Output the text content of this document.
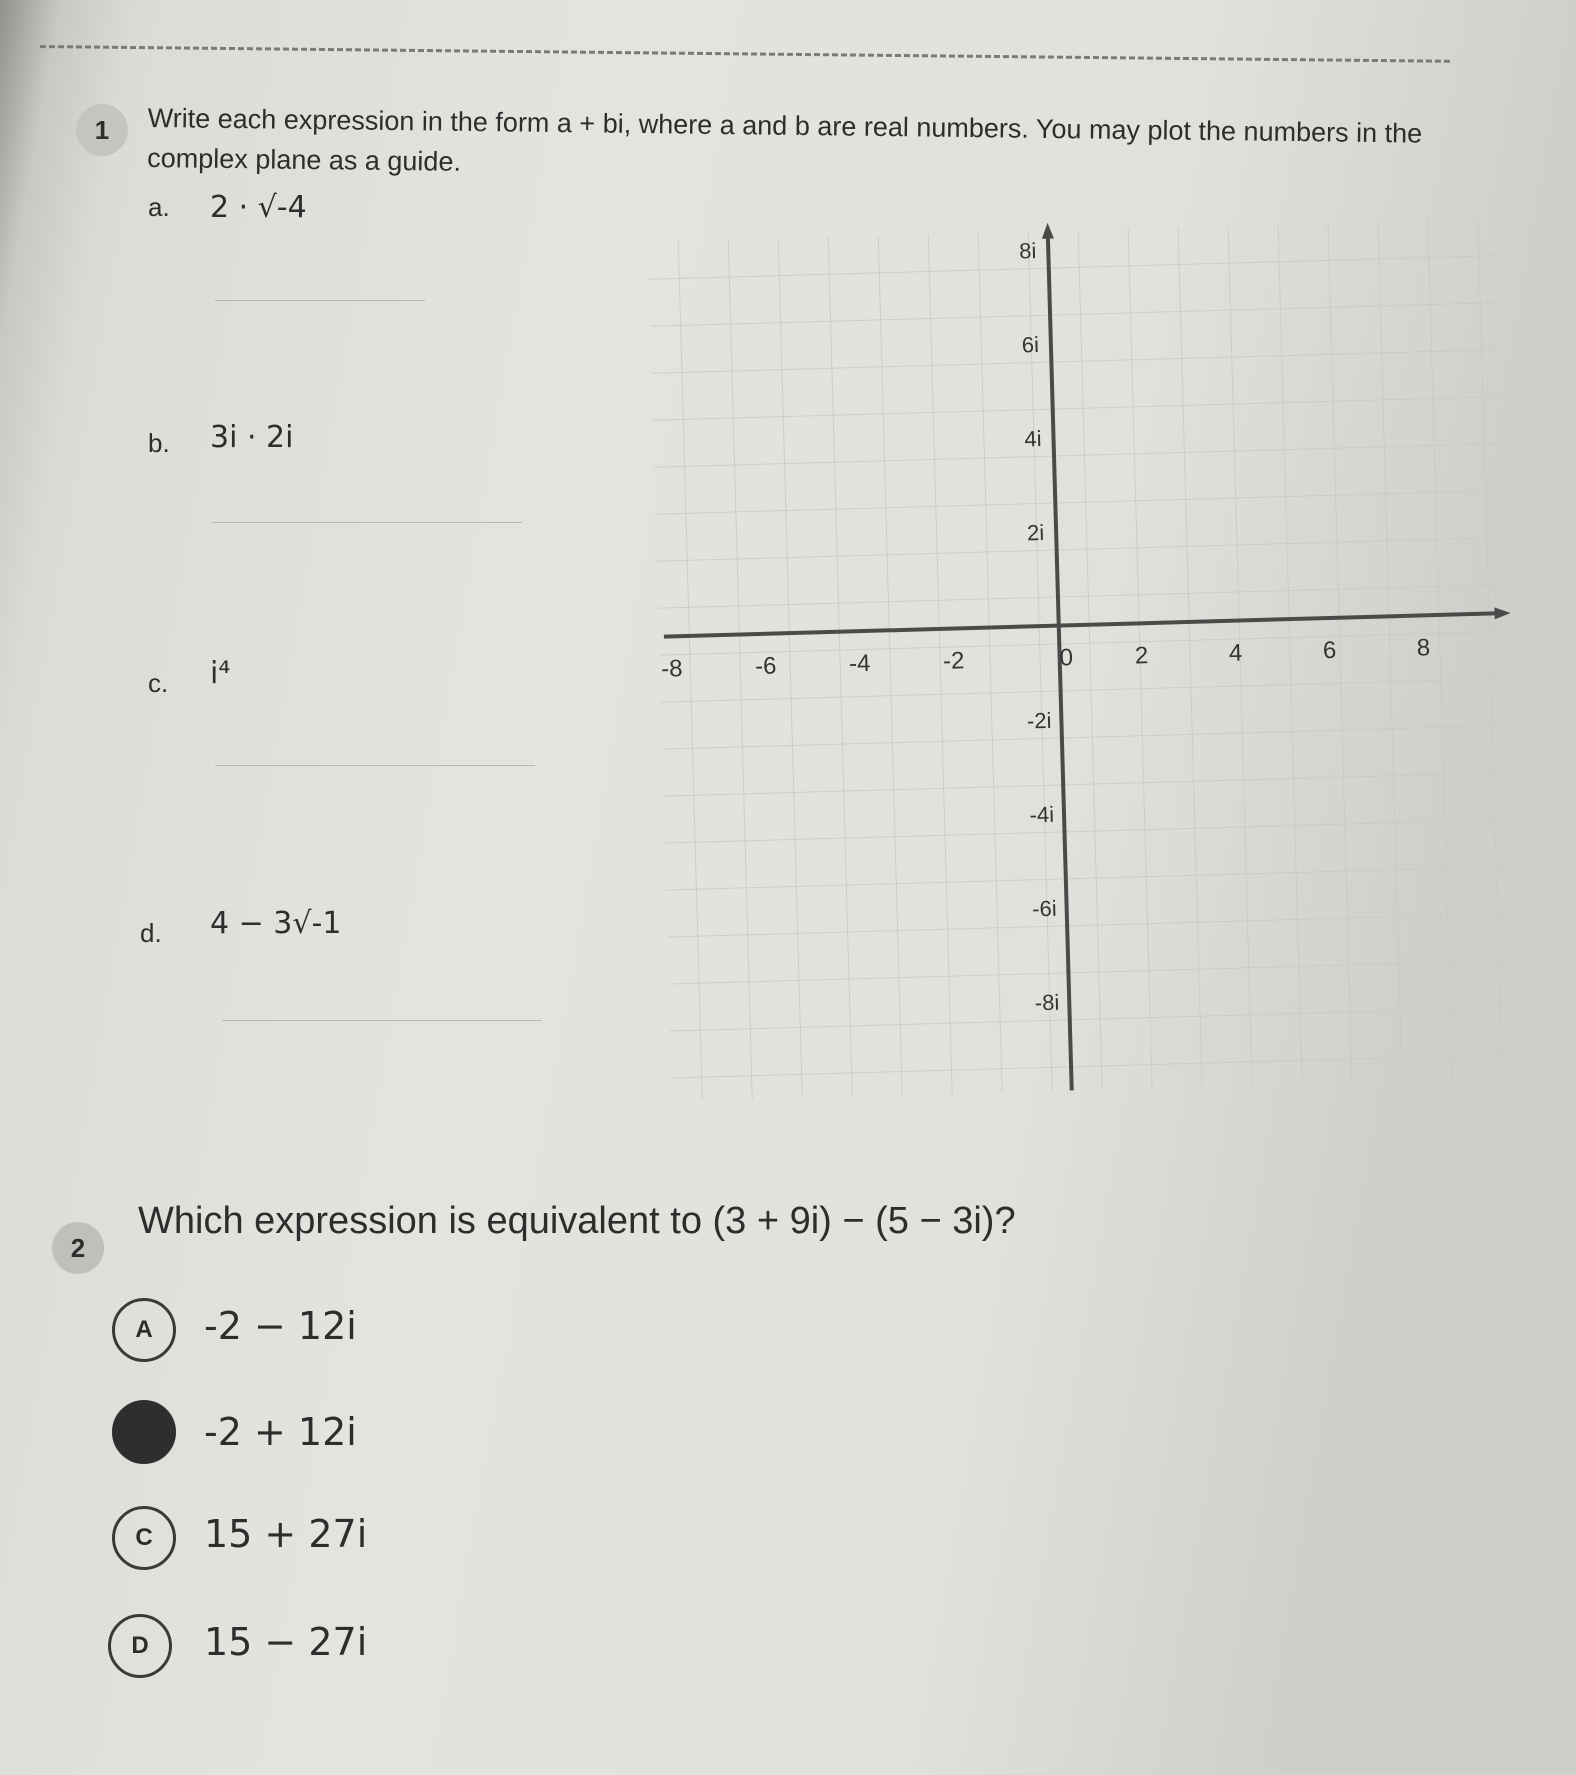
1	Write each expression in the form a + bi, where a and b are real numbers. You may plot the numbers in the complex plane as a guide.
a. 2 · √-4
b. 3i · 2i
c. i⁴
d. 4 − 3√-1
-8	-6	-4	-2	0	2	4	6	8
8i
6i
4i
2i
-2i
-4i
-6i
-8i
2
Which expression is equivalent to (3 + 9i) − (5 − 3i)?
A	-2 − 12i
B	-2 + 12i
C	15 + 27i
D	15 − 27i
